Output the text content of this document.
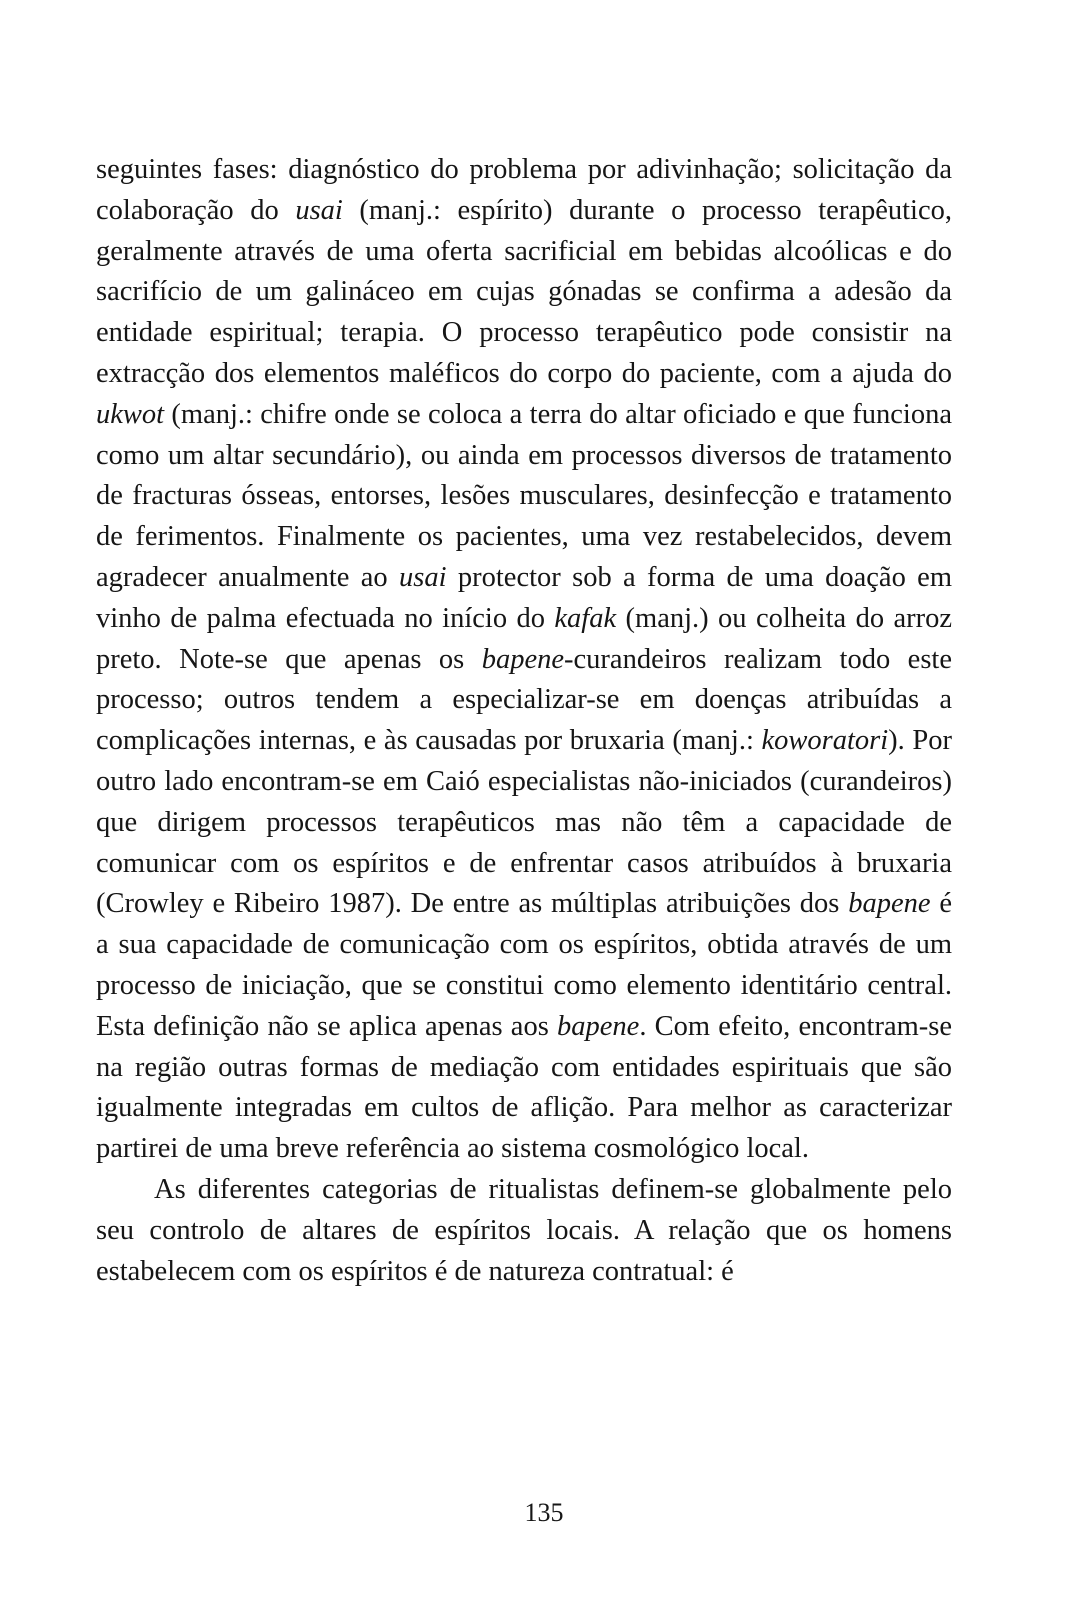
seguintes fases: diagnóstico do problema por adivinhação; solicitação da colaboração do usai (manj.: espírito) durante o processo terapêutico, geralmente através de uma oferta sacrificial em bebidas alcoólicas e do sacrifício de um galináceo em cujas gónadas se confirma a adesão da entidade espiritual; terapia. O processo terapêutico pode consistir na extracção dos elementos maléficos do corpo do paciente, com a ajuda do ukwot (manj.: chifre onde se coloca a terra do altar oficiado e que funciona como um altar secundário), ou ainda em processos diversos de tratamento de fracturas ósseas, entorses, lesões musculares, desinfecção e tratamento de ferimentos. Finalmente os pacientes, uma vez restabelecidos, devem agradecer anualmente ao usai protector sob a forma de uma doação em vinho de palma efectuada no início do kafak (manj.) ou colheita do arroz preto. Note-se que apenas os bapene-curandeiros realizam todo este processo; outros tendem a especializar-se em doenças atribuídas a complicações internas, e às causadas por bruxaria (manj.: koworatori). Por outro lado encontram-se em Caió especialistas não-iniciados (curandeiros) que dirigem processos terapêuticos mas não têm a capacidade de comunicar com os espíritos e de enfrentar casos atribuídos à bruxaria (Crowley e Ribeiro 1987). De entre as múltiplas atribuições dos bapene é a sua capacidade de comunicação com os espíritos, obtida através de um processo de iniciação, que se constitui como elemento identitário central. Esta definição não se aplica apenas aos bapene. Com efeito, encontram-se na região outras formas de mediação com entidades espirituais que são igualmente integradas em cultos de aflição. Para melhor as caracterizar partirei de uma breve referência ao sistema cosmológico local.

As diferentes categorias de ritualistas definem-se globalmente pelo seu controlo de altares de espíritos locais. A relação que os homens estabelecem com os espíritos é de natureza contratual: é

135
